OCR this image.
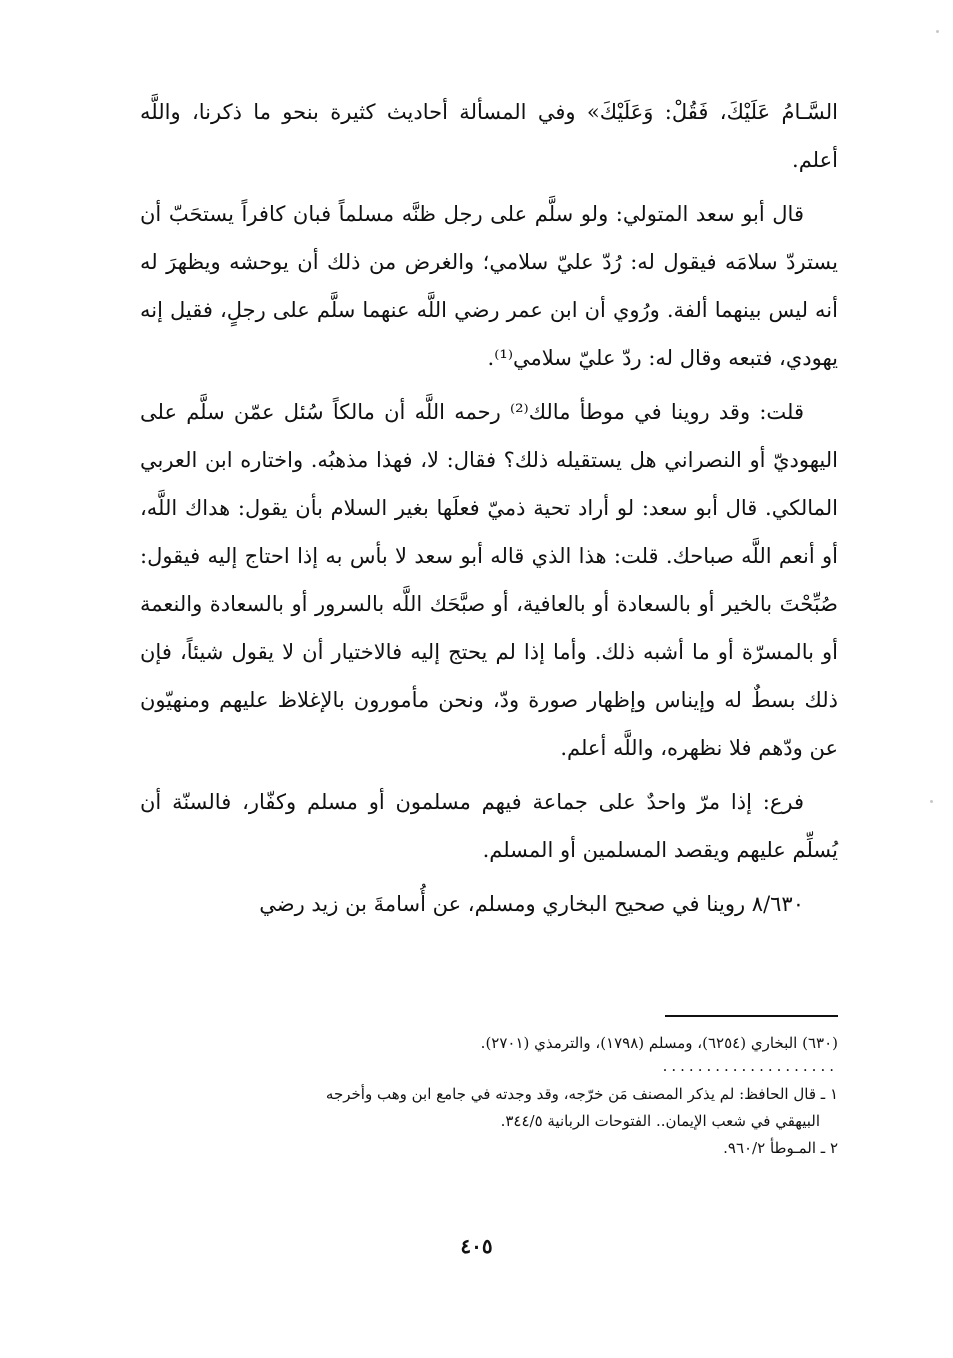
السَّـامُ عَلَيْكَ، فَقُلْ: وَعَلَيْكَ» وفي المسألة أحاديث كثيرة بنحو ما ذكرنا، واللَّه أعلم.

قال أبو سعد المتولي: ولو سلَّم على رجل ظنَّه مسلماً فبان كافراً يستحَبّ أن يستردّ سلامَه فيقول له: رُدّ عليّ سلامي؛ والغرض من ذلك أن يوحشه ويظهرَ له أنه ليس بينهما ألفة. ورُوي أن ابن عمر رضي اللَّه عنهما سلَّم على رجلٍ، فقيل إنه يهودي، فتبعه وقال له: ردّ عليّ سلامي⁽¹⁾.

قلت: وقد روينا في موطأ مالك⁽²⁾ رحمه اللَّه أن مالكاً سُئل عمّن سلَّم على اليهوديّ أو النصراني هل يستقيله ذلك؟ فقال: لا، فهذا مذهبُه. واختاره ابن العربي المالكي. قال أبو سعد: لو أراد تحية ذميّ فعلَها بغير السلام بأن يقول: هداك اللَّه، أو أنعم اللَّه صباحك. قلت: هذا الذي قاله أبو سعد لا بأس به إذا احتاج إليه فيقول: صُبِّحْتَ بالخير أو بالسعادة أو بالعافية، أو صبَّحَك اللَّه بالسرور أو بالسعادة والنعمة أو بالمسرّة أو ما أشبه ذلك. وأما إذا لم يحتج إليه فالاختيار أن لا يقول شيئاً، فإن ذلك بسطٌ له وإيناس وإظهار صورة ودّ، ونحن مأمورون بالإغلاظ عليهم ومنهيّون عن ودّهم فلا نظهره، واللَّه أعلم.

فرع: إذا مرّ واحدٌ على جماعة فيهم مسلمون أو مسلم وكفّار، فالسنّة أن يُسلِّم عليهم ويقصد المسلمين أو المسلم.

٨/٦٣٠ روينا في صحيح البخاري ومسلم، عن أُسامةَ بن زيد رضي

(٦٣٠) البخاري (٦٢٥٤)، ومسلم (١٧٩٨)، والترمذي (٢٧٠١).

....................

١ ـ قال الحافظ: لم يذكر المصنف مَن خرّجه، وقد وجدته في جامع ابن وهب وأخرجه

البيهقي في شعب الإيمان.. الفتوحات الربانية ٣٤٤/٥.

٢ ـ المـوطأ ٩٦٠/٢.

٤٠٥
